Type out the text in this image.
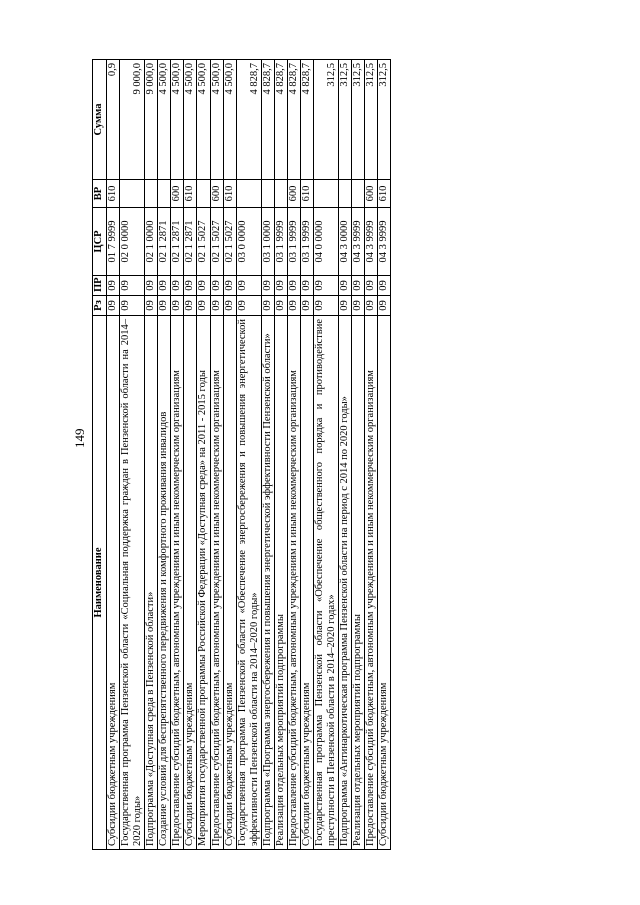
149
Наименование	Рз	ПР	ЦСР	ВР	Сумма
Субсидии бюджетным учреждениям	09	09	01 7 9999	610	0,9
Государственная программа Пензенской области «Социальная поддержка граждан в Пензенской области на 2014–2020 годы»	09	09	02 0 0000		9 000,0
Подпрограмма «Доступная среда в Пензенской области»	09	09	02 1 0000		9 000,0
Создание условий для беспрепятственного передвижения и комфортного проживания инвалидов	09	09	02 1 2871		4 500,0
Предоставление субсидий бюджетным, автономным учреждениям и иным некоммерческим организациям	09	09	02 1 2871	600	4 500,0
Субсидии бюджетным учреждениям	09	09	02 1 2871	610	4 500,0
Мероприятия государственной программы Российской Федерации «Доступная среда» на 2011 - 2015 годы	09	09	02 1 5027		4 500,0
Предоставление субсидий бюджетным, автономным учреждениям и иным некоммерческим организациям	09	09	02 1 5027	600	4 500,0
Субсидии бюджетным учреждениям	09	09	02 1 5027	610	4 500,0
Государственная программа Пензенской области «Обеспечение энергосбережения и повышения энергетической эффективности Пензенской области на 2014–2020 годы»	09	09	03 0 0000		4 828,7
Подпрограмма «Программа энергосбережения и повышения энергетической эффективности Пензенской области»	09	09	03 1 0000		4 828,7
Реализация отдельных мероприятий подпрограммы	09	09	03 1 9999		4 828,7
Предоставление субсидий бюджетным, автономным учреждениям и иным некоммерческим организациям	09	09	03 1 9999	600	4 828,7
Субсидии бюджетным учреждениям	09	09	03 1 9999	610	4 828,7
Государственная программа Пензенской области «Обеспечение общественного порядка и противодействие преступности в Пензенской области в 2014–2020 годах»	09	09	04 0 0000		312,5
Подпрограмма «Антинаркотическая программа Пензенской области на период с 2014 по 2020 годы»	09	09	04 3 0000		312,5
Реализация отдельных мероприятий подпрограммы	09	09	04 3 9999		312,5
Предоставление субсидий бюджетным, автономным учреждениям и иным некоммерческим организациям	09	09	04 3 9999	600	312,5
Субсидии бюджетным учреждениям	09	09	04 3 9999	610	312,5
